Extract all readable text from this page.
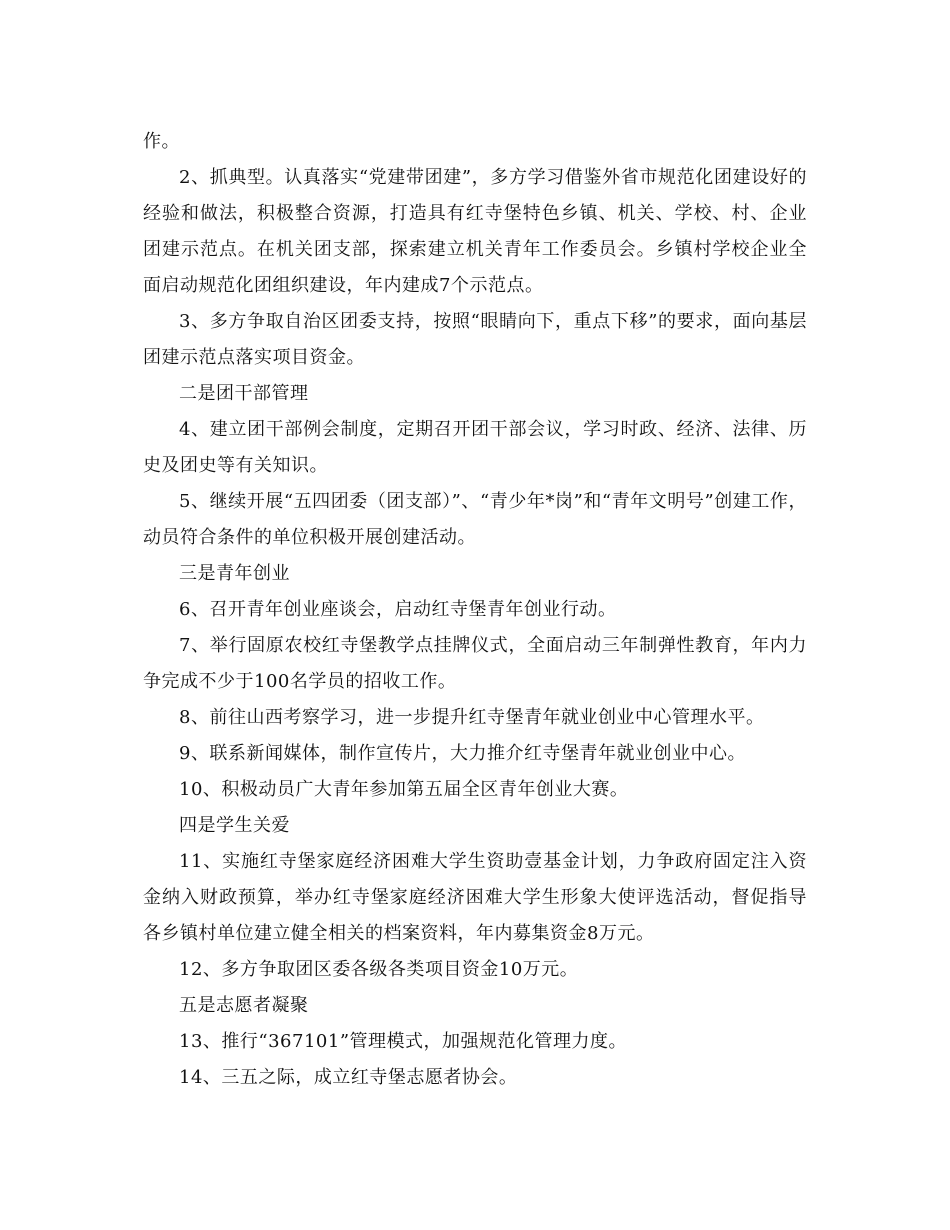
作。

2、抓典型。认真落实“党建带团建”，多方学习借鉴外省市规范化团建设好的经验和做法，积极整合资源，打造具有红寺堡特色乡镇、机关、学校、村、企业团建示范点。在机关团支部，探索建立机关青年工作委员会。乡镇村学校企业全面启动规范化团组织建设，年内建成7个示范点。

3、多方争取自治区团委支持，按照“眼睛向下，重点下移”的要求，面向基层团建示范点落实项目资金。

二是团干部管理

4、建立团干部例会制度，定期召开团干部会议，学习时政、经济、法律、历史及团史等有关知识。

5、继续开展“五四团委（团支部）”、“青少年*岗”和“青年文明号”创建工作，动员符合条件的单位积极开展创建活动。

三是青年创业

6、召开青年创业座谈会，启动红寺堡青年创业行动。

7、举行固原农校红寺堡教学点挂牌仪式，全面启动三年制弹性教育，年内力争完成不少于100名学员的招收工作。

8、前往山西考察学习，进一步提升红寺堡青年就业创业中心管理水平。

9、联系新闻媒体，制作宣传片，大力推介红寺堡青年就业创业中心。

10、积极动员广大青年参加第五届全区青年创业大赛。

四是学生关爱

11、实施红寺堡家庭经济困难大学生资助壹基金计划，力争政府固定注入资金纳入财政预算，举办红寺堡家庭经济困难大学生形象大使评选活动，督促指导各乡镇村单位建立健全相关的档案资料，年内募集资金8万元。

12、多方争取团区委各级各类项目资金10万元。

五是志愿者凝聚

13、推行“367101”管理模式，加强规范化管理力度。

14、三五之际，成立红寺堡志愿者协会。
